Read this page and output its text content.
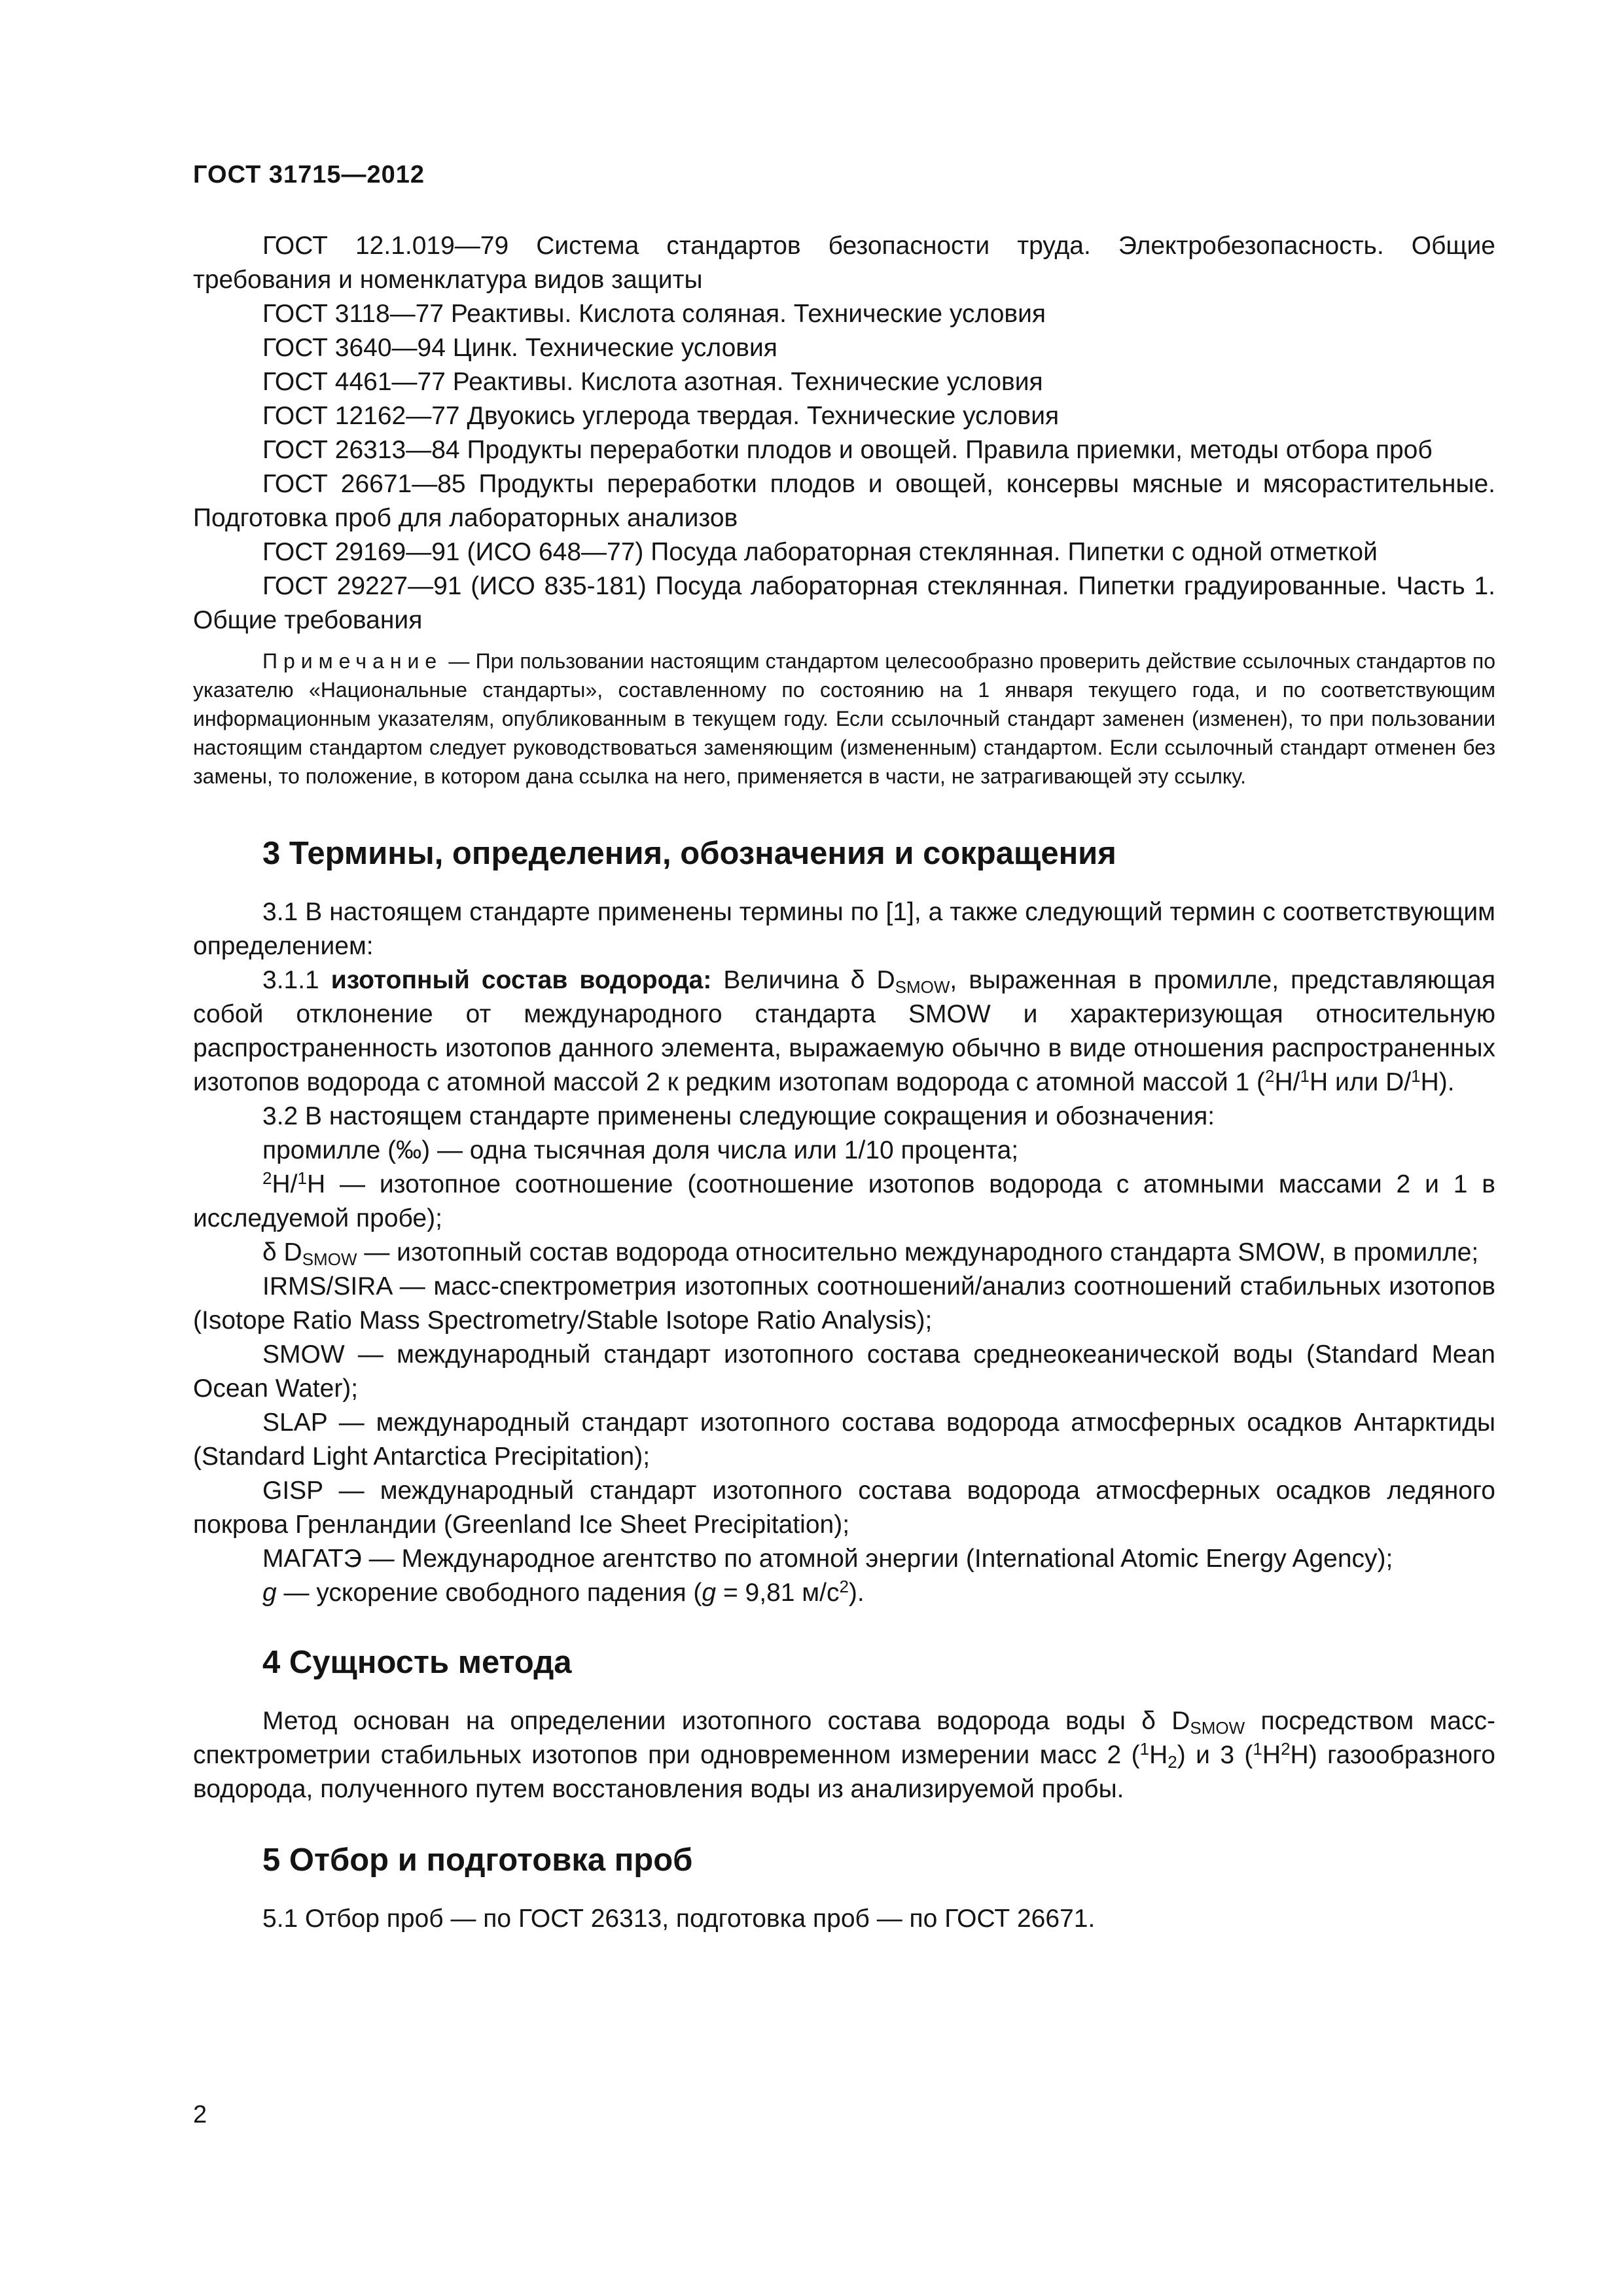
ГОСТ 31715—2012

ГОСТ 12.1.019—79 Система стандартов безопасности труда. Электробезопасность. Общие требования и номенклатура видов защиты

ГОСТ 3118—77 Реактивы. Кислота соляная. Технические условия

ГОСТ 3640—94 Цинк. Технические условия

ГОСТ 4461—77 Реактивы. Кислота азотная. Технические условия

ГОСТ 12162—77 Двуокись углерода твердая. Технические условия

ГОСТ 26313—84 Продукты переработки плодов и овощей. Правила приемки, методы отбора проб

ГОСТ 26671—85 Продукты переработки плодов и овощей, консервы мясные и мясорастительные. Подготовка проб для лабораторных анализов

ГОСТ 29169—91 (ИСО 648—77) Посуда лабораторная стеклянная. Пипетки с одной отметкой

ГОСТ 29227—91 (ИСО 835-181) Посуда лабораторная стеклянная. Пипетки градуированные. Часть 1. Общие требования

Примечание — При пользовании настоящим стандартом целесообразно проверить действие ссылочных стандартов по указателю «Национальные стандарты», составленному по состоянию на 1 января текущего года, и по соответствующим информационным указателям, опубликованным в текущем году. Если ссылочный стандарт заменен (изменен), то при пользовании настоящим стандартом следует руководствоваться заменяющим (измененным) стандартом. Если ссылочный стандарт отменен без замены, то положение, в котором дана ссылка на него, применяется в части, не затрагивающей эту ссылку.

3 Термины, определения, обозначения и сокращения

3.1 В настоящем стандарте применены термины по [1], а также следующий термин с соответствующим определением:

3.1.1 изотопный состав водорода: Величина δ $D_{SMOW}$, выраженная в промилле, представляющая собой отклонение от международного стандарта SMOW и характеризующая относительную распространенность изотопов данного элемента, выражаемую обычно в виде отношения распространенных изотопов водорода с атомной массой 2 к редким изотопам водорода с атомной массой 1 ($^2$H/$^1$H или D/$^1$H).

3.2 В настоящем стандарте применены следующие сокращения и обозначения:

промилле (‰) — одна тысячная доля числа или 1/10 процента;

$^2$H/$^1$H — изотопное соотношение (соотношение изотопов водорода с атомными массами 2 и 1 в исследуемой пробе);

δ $D_{SMOW}$ — изотопный состав водорода относительно международного стандарта SMOW, в промилле;

IRMS/SIRA — масс-спектрометрия изотопных соотношений/анализ соотношений стабильных изотопов (Isotope Ratio Mass Spectrometry/Stable Isotope Ratio Analysis);

SMOW — международный стандарт изотопного состава среднеокеанической воды (Standard Mean Ocean Water);

SLAP — международный стандарт изотопного состава водорода атмосферных осадков Антарктиды (Standard Light Antarctica Precipitation);

GISP — международный стандарт изотопного состава водорода атмосферных осадков ледяного покрова Гренландии (Greenland Ice Sheet Precipitation);

МАГАТЭ — Международное агентство по атомной энергии (International Atomic Energy Agency);

g — ускорение свободного падения (g = 9,81 $м/с^2$).

4 Сущность метода

Метод основан на определении изотопного состава водорода воды δ $D_{SMOW}$ посредством масс-спектрометрии стабильных изотопов при одновременном измерении масс 2 $(^1H_2)$ и 3 $(^1H^2H)$ газообразного водорода, полученного путем восстановления воды из анализируемой пробы.

5 Отбор и подготовка проб

5.1 Отбор проб — по ГОСТ 26313, подготовка проб — по ГОСТ 26671.

2
